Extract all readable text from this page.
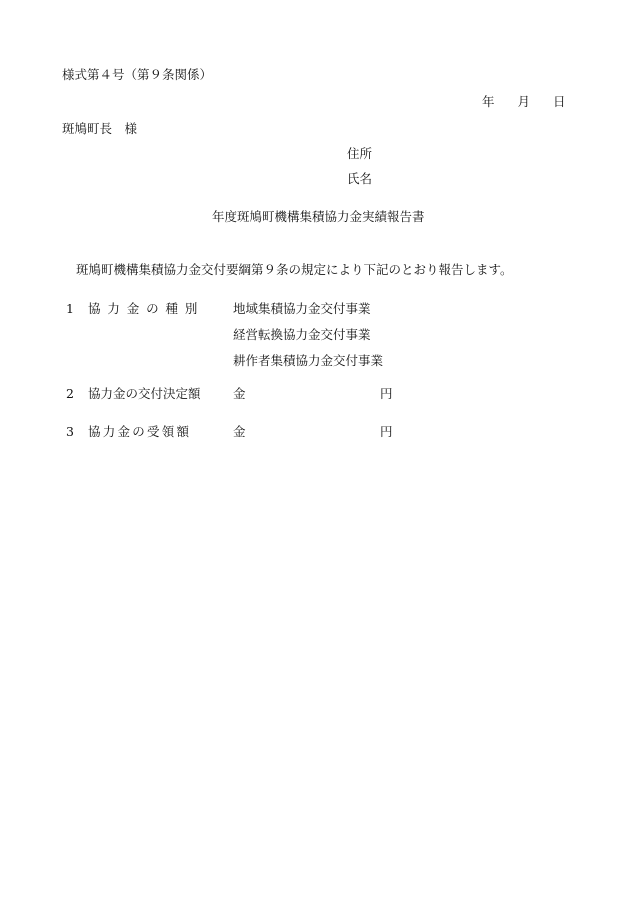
様式第４号（第９条関係）
年 月 日
斑鳩町長　様
住所
氏名
年度斑鳩町機構集積協力金実績報告書
斑鳩町機構集積協力金交付要綱第９条の規定により下記のとおり報告します。
1 協力金の種別 地域集積協力金交付事業
経営転換協力金交付事業
耕作者集積協力金交付事業
2 協力金の交付決定額	金	円
3 協力金の受領額	金	円
